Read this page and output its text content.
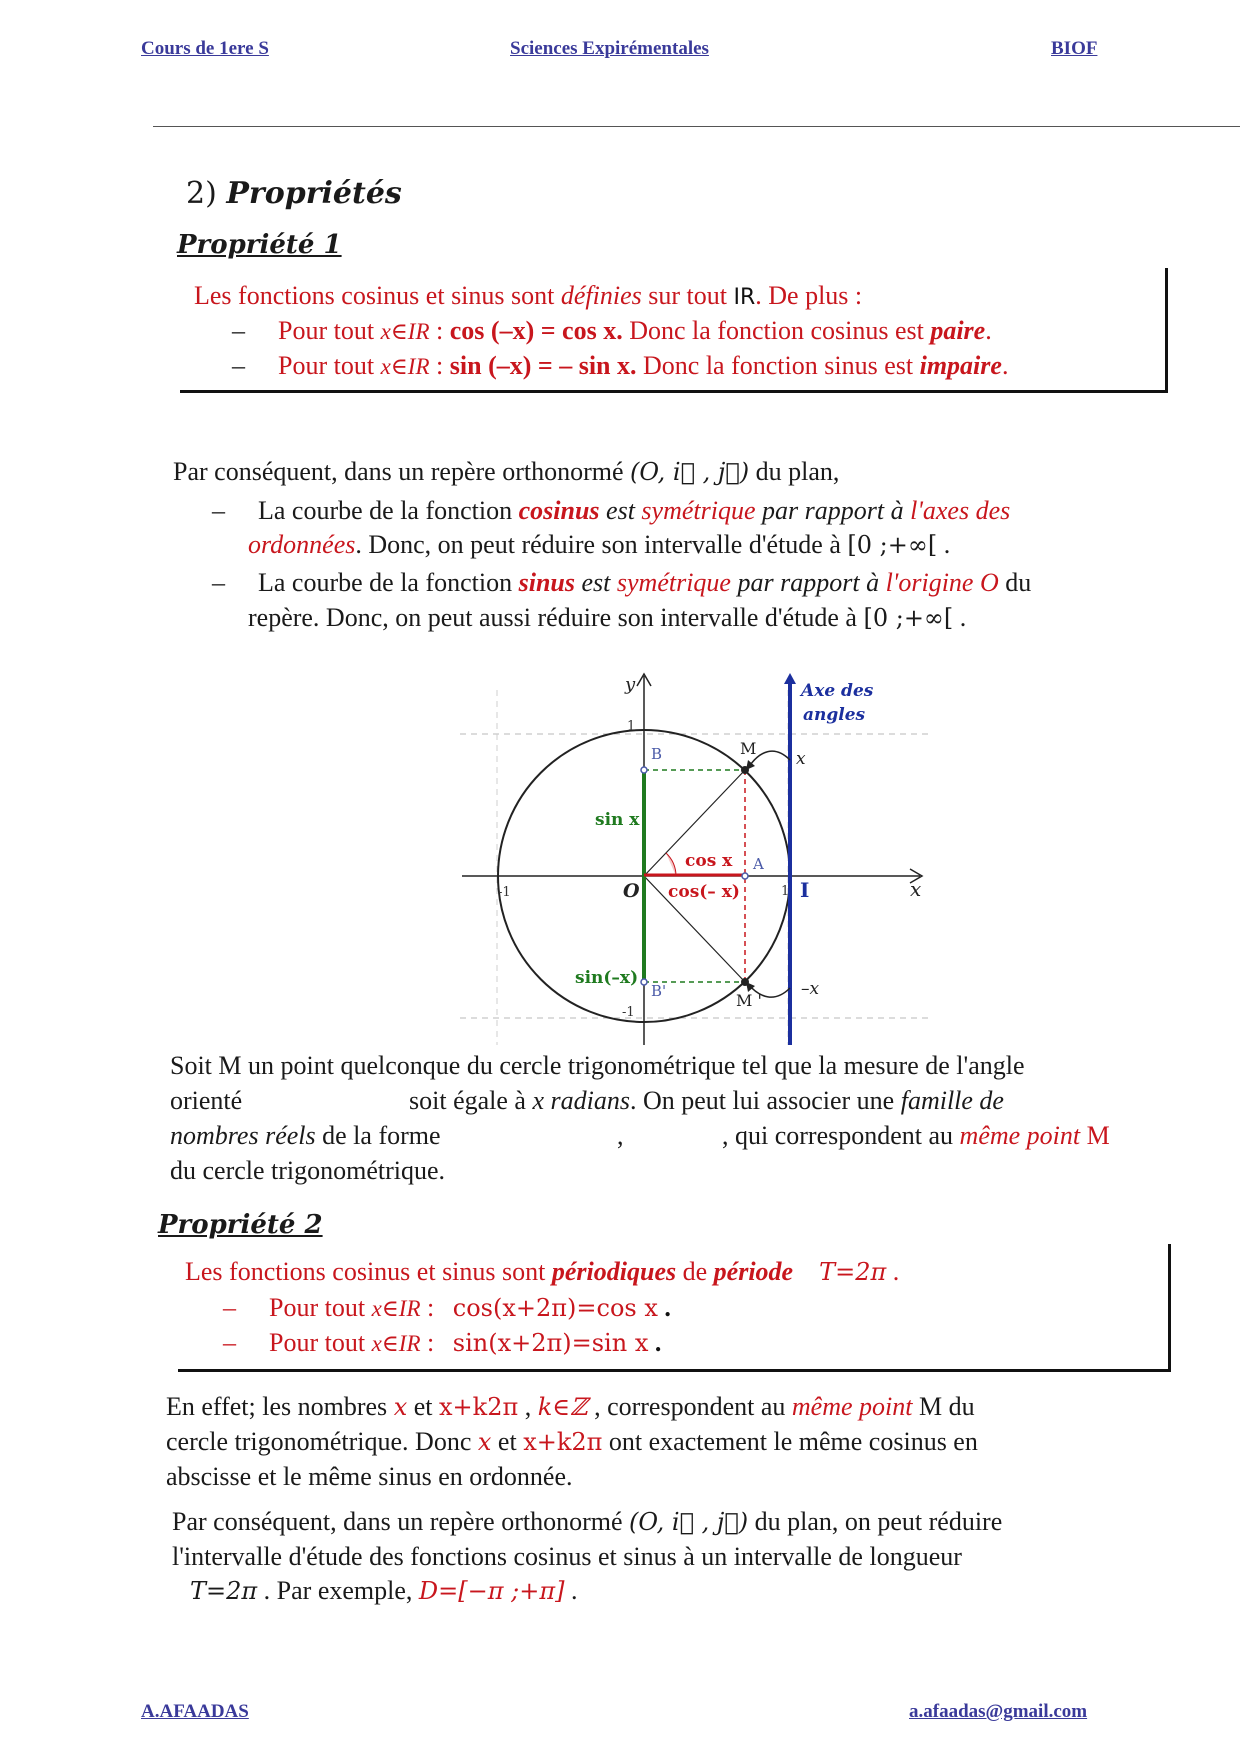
Cours de 1ere S	Sciences Expirémentales	BIOF
2) Propriétés
Propriété 1
Les fonctions cosinus et sinus sont définies sur tout IR. De plus :
– Pour tout x∈IR : cos (–x) = cos x. Donc la fonction cosinus est paire.
– Pour tout x∈IR : sin (–x) = – sin x. Donc la fonction sinus est impaire.
Par conséquent, dans un repère orthonormé (O, i⃗ , j⃗) du plan,
– La courbe de la fonction cosinus est symétrique par rapport à l'axes des
ordonnées. Donc, on peut réduire son intervalle d'étude à [0 ;+∞[ .
– La courbe de la fonction sinus est symétrique par rapport à l'origine O du
repère. Donc, on peut aussi réduire son intervalle d'étude à [0 ;+∞[ .
y
x
Axe des
angles
1
-1
-1	1
O	I
A
B
B'
M
M '
x
–x
sin x
sin(–x)
cos x
cos(– x)
Soit M un point quelconque du cercle trigonométrique tel que la mesure de l'angle
orienté	soit égale à x radians. On peut lui associer une famille de
nombres réels de la forme	,	, qui correspondent au même point M
du cercle trigonométrique.
Propriété 2
Les fonctions cosinus et sinus sont périodiques de période T=2π .
– Pour tout x∈IR : cos(x+2π)=cos x .
– Pour tout x∈IR : sin(x+2π)=sin x .
En effet; les nombres x et x+k2π , k∈ℤ , correspondent au même point M du
cercle trigonométrique. Donc x et x+k2π ont exactement le même cosinus en
abscisse et le même sinus en ordonnée.
Par conséquent, dans un repère orthonormé (O, i⃗ , j⃗) du plan, on peut réduire
l'intervalle d'étude des fonctions cosinus et sinus à un intervalle de longueur
T=2π . Par exemple, D=[−π ;+π] .
A.AFAADAS	a.afaadas@gmail.com
